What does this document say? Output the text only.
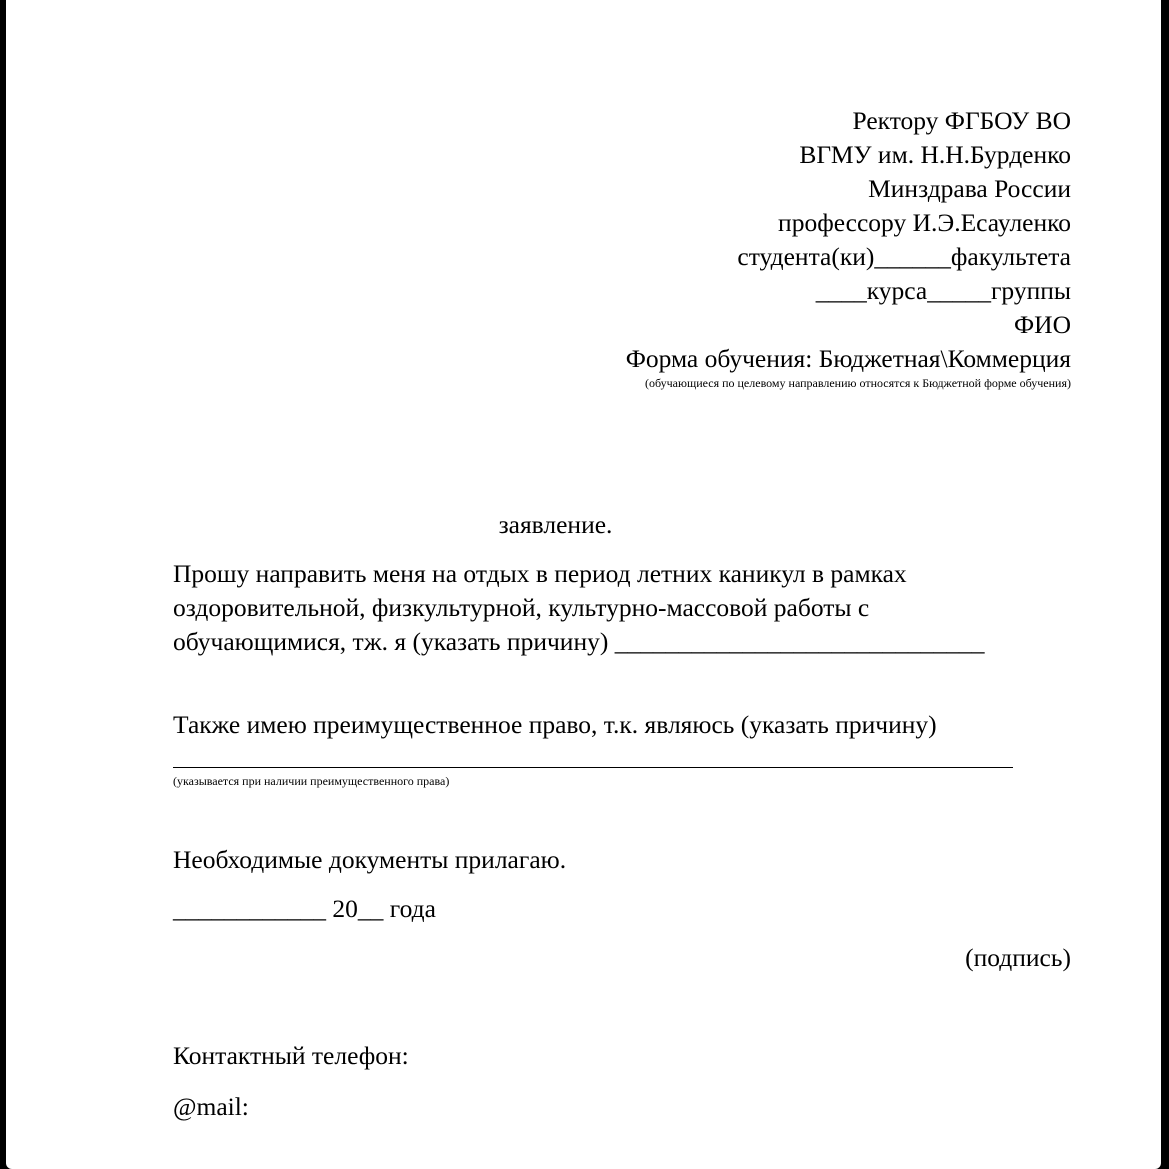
Ректору ФГБОУ ВО
ВГМУ им. Н.Н.Бурденко
Минздрава России
профессору И.Э.Есауленко
студента(ки)______факультета
____курса_____группы
ФИО
Форма обучения: Бюджетная\Коммерция
(обучающиеся по целевому направлению относятся к Бюджетной форме обучения)
заявление.
Прошу направить меня на отдых в период летних каникул в рамках
оздоровительной, физкультурной, культурно-массовой работы с
обучающимися, тж. я (указать причину) _____________________________
Также имею преимущественное право, т.к. являюсь (указать причину)
(указывается при наличии преимущественного права)
Необходимые документы прилагаю.
____________ 20__ года
(подпись)
Контактный телефон:
@mail:
